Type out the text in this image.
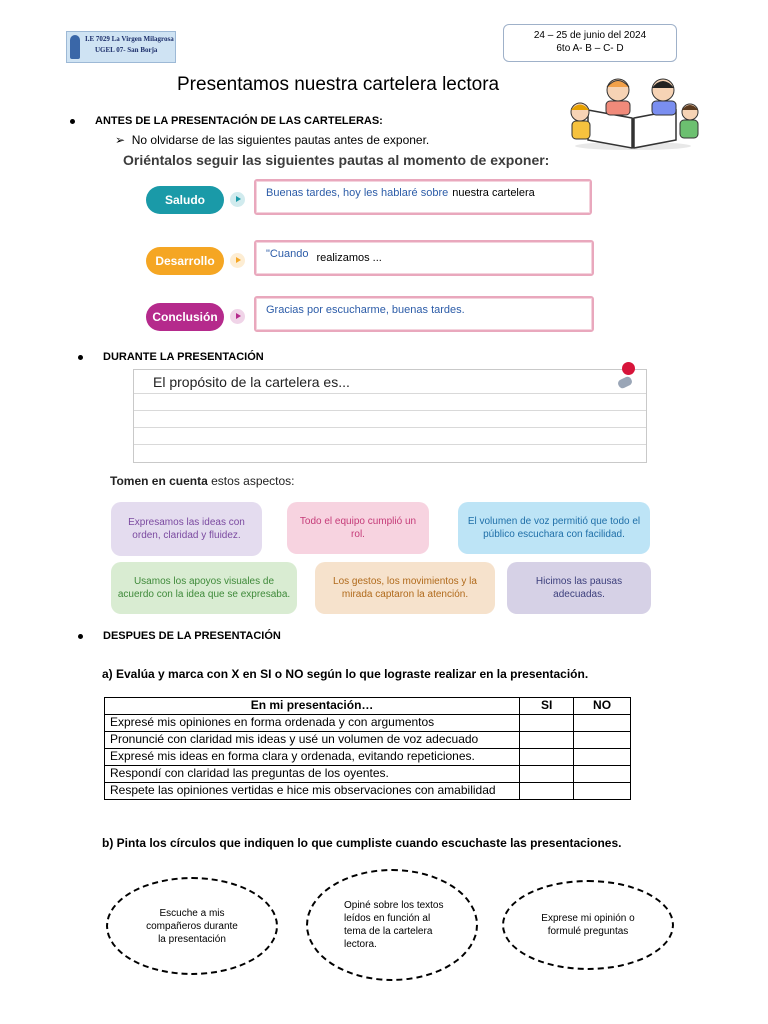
I.E 7029 La Virgen Milagrosa
UGEL 07- San Borja
24 – 25 de junio del 2024
6to A- B – C- D
Presentamos nuestra cartelera lectora
ANTES DE LA PRESENTACIÓN DE LAS CARTELERAS:
➢ No olvidarse de las siguientes pautas antes de exponer.
Oriéntalos seguir las siguientes pautas al momento de exponer:
Saludo	Buenas tardes, hoy les hablaré sobre nuestra cartelera
Desarrollo	"Cuando realizamos ...
Conclusión	Gracias por escucharme, buenas tardes.
DURANTE LA PRESENTACIÓN
El propósito de la cartelera es...
Tomen en cuenta estos aspectos:
Expresamos las ideas con orden, claridad y fluidez.
Todo el equipo cumplió un rol.
El volumen de voz permitió que todo el público escuchara con facilidad.
Usamos los apoyos visuales de acuerdo con la idea que se expresaba.
Los gestos, los movimientos y la mirada captaron la atención.
Hicimos las pausas adecuadas.
DESPUES DE LA PRESENTACIÓN
a) Evalúa y marca con X en SI o NO según lo que lograste realizar en la presentación.
En mi presentación…	SI	NO
Expresé mis opiniones en forma ordenada y con argumentos		
Pronuncié con claridad mis ideas y usé un volumen de voz adecuado		
Expresé mis ideas en forma clara y ordenada, evitando repeticiones.		
Respondí con claridad las preguntas de los oyentes.		
Respete las opiniones vertidas e hice mis observaciones con amabilidad		
b) Pinta los círculos que indiquen lo que cumpliste cuando escuchaste las presentaciones.
Escuche a mis compañeros durante la presentación
Opiné sobre los textos leídos en función al tema de la cartelera lectora.
Exprese mi opinión o formulé preguntas
